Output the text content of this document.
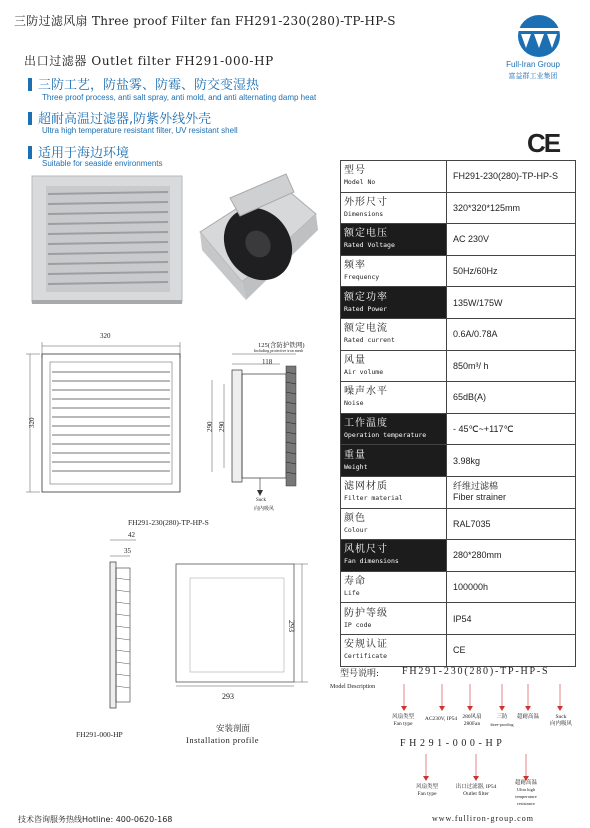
三防过滤风扇 Three proof Filter fan FH291-230(280)-TP-HP-S
出口过滤器 Outlet filter FH291-000-HP
三防工艺，防盐雾、防霉、防交变湿热
Three proof process, anti salt spray, anti mold, and anti alternating damp heat
超耐高温过滤器,防紫外线外壳
Ultra high temperature resistant filter, UV resistant shell
适用于海边环境
Suitable for seaside environments
Full-Iran Group
富益群工业集团
CE
320
320
125(含防护铁网)
Including protective iron mesh
118
290 290
Suck
向内吸风
FH291-230(280)-TP-HP-S
42
35
FH291-000-HP
293
293
安装剖面
Installation profile
型号
Model No	FH291-230(280)-TP-HP-S

外形尺寸
Dimensions	320*320*125mm

额定电压
Rated Voltage	AC 230V

频率
Frequency	50Hz/60Hz

额定功率
Rated Power	135W/175W

额定电流
Rated current	0.6A/0.78A

风量
Air volume	850m³/ h

噪声水平
Noise	65dB(A)

工作温度
Operation temperature	- 45℃~+117℃

重量
Weight	3.98kg

滤网材质
Filter material	纤维过滤棉
Fiber strainer

颜色
Colour	RAL7035

风机尺寸
Fan dimensions	280*280mm

寿命
Life	100000h

防护等级
IP code	IP54

安规认证
Certificate	CE
型号说明:
Model Description
FH291-230(280)-TP-HP-S
FH291-000-HP
风扇类型
Fan type
AC230V, IP54 280风扇
280Fan
三防
three-proofing
超耐高温	Suck
向内吸风
风扇类型
Fan type
出口过滤器, IP54
Outlet filter
超耐高温
Ultra high temperature resistance
技术咨询服务热线Hotline: 400-0620-168	www.fulliron-group.com
